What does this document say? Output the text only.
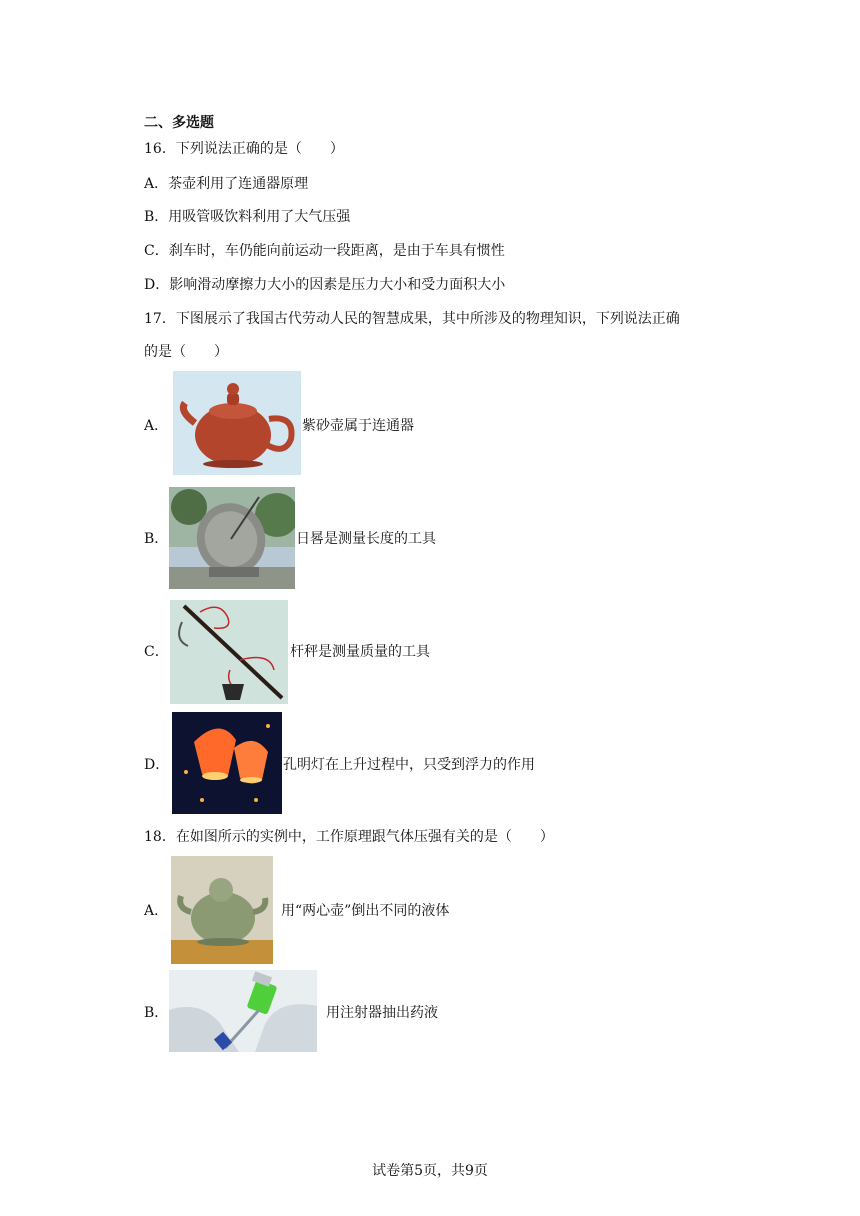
二、多选题
16．下列说法正确的是（　　）
A．茶壶利用了连通器原理
B．用吸管吸饮料利用了大气压强
C．刹车时，车仍能向前运动一段距离，是由于车具有惯性
D．影响滑动摩擦力大小的因素是压力大小和受力面积大小
17．下图展示了我国古代劳动人民的智慧成果，其中所涉及的物理知识，下列说法正确
的是（　　）
A．	紫砂壶属于连通器
B．	日晷是测量长度的工具
C．	杆秤是测量质量的工具
D．	孔明灯在上升过程中，只受到浮力的作用
18．在如图所示的实例中，工作原理跟气体压强有关的是（　　）
A．	用“两心壶”倒出不同的液体
B．	用注射器抽出药液
试卷第5页，共9页
